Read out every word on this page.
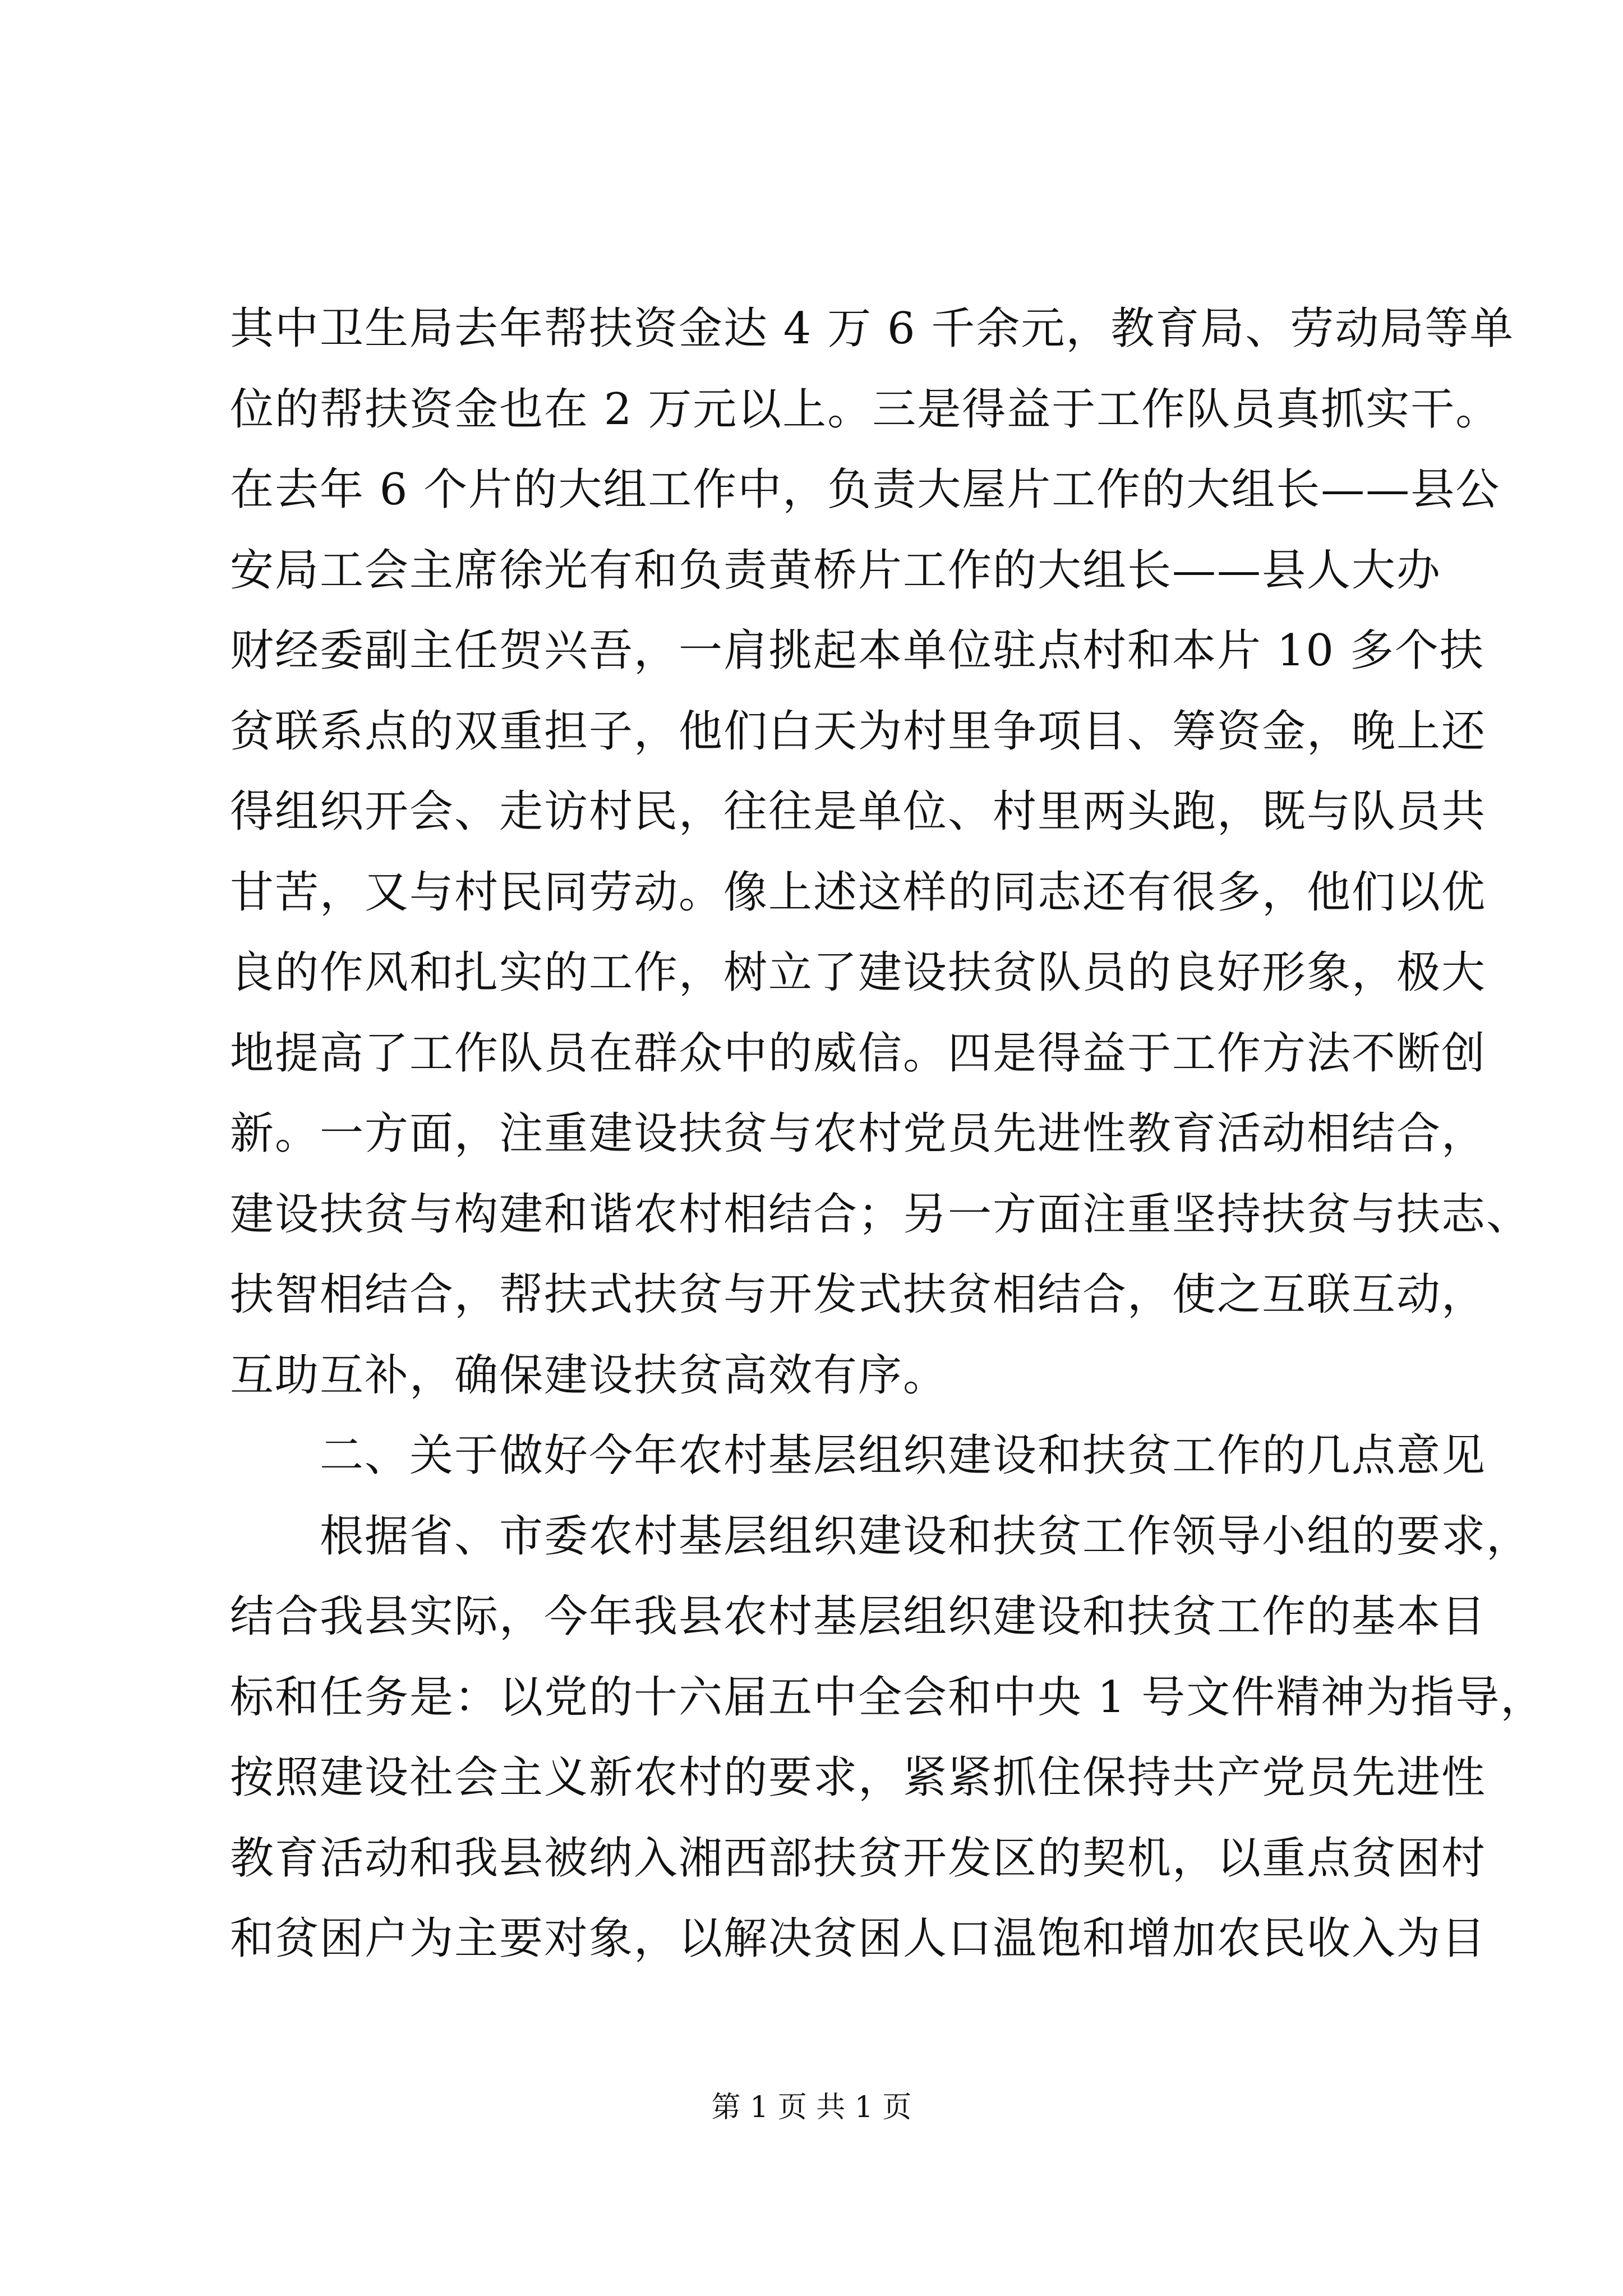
其中卫生局去年帮扶资金达 4 万 6 千余元，教育局、劳动局等单
位的帮扶资金也在 2 万元以上。三是得益于工作队员真抓实干。
在去年 6 个片的大组工作中，负责大屋片工作的大组长——县公
安局工会主席徐光有和负责黄桥片工作的大组长——县人大办
财经委副主任贺兴吾，一肩挑起本单位驻点村和本片 10 多个扶
贫联系点的双重担子，他们白天为村里争项目、筹资金，晚上还
得组织开会、走访村民，往往是单位、村里两头跑，既与队员共
甘苦，又与村民同劳动。像上述这样的同志还有很多，他们以优
良的作风和扎实的工作，树立了建设扶贫队员的良好形象，极大
地提高了工作队员在群众中的威信。四是得益于工作方法不断创
新。一方面，注重建设扶贫与农村党员先进性教育活动相结合，
建设扶贫与构建和谐农村相结合；另一方面注重坚持扶贫与扶志、
扶智相结合，帮扶式扶贫与开发式扶贫相结合，使之互联互动，
互助互补，确保建设扶贫高效有序。
二、关于做好今年农村基层组织建设和扶贫工作的几点意见
根据省、市委农村基层组织建设和扶贫工作领导小组的要求，
结合我县实际，今年我县农村基层组织建设和扶贫工作的基本目
标和任务是：以党的十六届五中全会和中央 1 号文件精神为指导，
按照建设社会主义新农村的要求，紧紧抓住保持共产党员先进性
教育活动和我县被纳入湘西部扶贫开发区的契机，以重点贫困村
和贫困户为主要对象，以解决贫困人口温饱和增加农民收入为目
第 1 页 共 1 页
